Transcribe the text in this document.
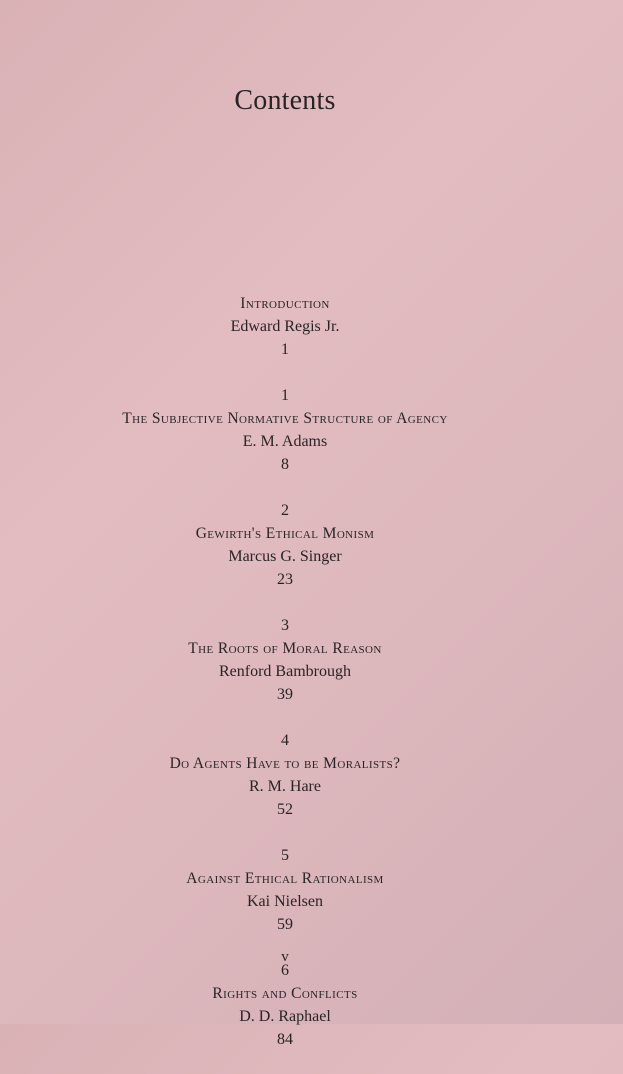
Contents
Introduction
Edward Regis Jr.
1
1
The Subjective Normative Structure of Agency
E. M. Adams
8
2
Gewirth's Ethical Monism
Marcus G. Singer
23
3
The Roots of Moral Reason
Renford Bambrough
39
4
Do Agents Have to be Moralists?
R. M. Hare
52
5
Against Ethical Rationalism
Kai Nielsen
59
6
Rights and Conflicts
D. D. Raphael
84
v
